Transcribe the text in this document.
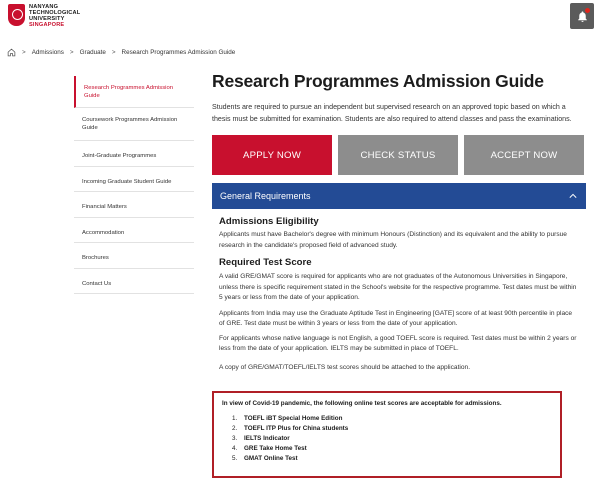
NANYANG
TECHNOLOGICAL
UNIVERSITY
SINGAPORE
> Admissions > Graduate > Research Programmes Admission Guide
Research Programmes Admission Guide
Coursework Programmes Admission Guide
Joint-Graduate Programmes
Incoming Graduate Student Guide
Financial Matters
Accommodation
Brochures
Contact Us
Research Programmes Admission Guide

Students are required to pursue an independent but supervised research on an approved topic based on which a thesis must be submitted for examination. Students are also required to attend classes and pass the examinations.

APPLY NOW	CHECK STATUS	ACCEPT NOW
General Requirements
Admissions Eligibility

Applicants must have Bachelor's degree with minimum Honours (Distinction) and its equivalent and the ability to pursue research in the candidate's proposed field of advanced study.

Required Test Score

A valid GRE/GMAT score is required for applicants who are not graduates of the Autonomous Universities in Singapore, unless there is specific requirement stated in the School's website for the respective programme. Test dates must be within 5 years or less from the date of your application.

Applicants from India may use the Graduate Aptitude Test in Engineering [GATE] score of at least 90th percentile in place of GRE. Test date must be within 3 years or less from the date of your application.

For applicants whose native language is not English, a good TOEFL score is required. Test dates must be within 2 years or less from the date of your application. IELTS may be submitted in place of TOEFL.

A copy of GRE/GMAT/TOEFL/IELTS test scores should be attached to the application.

In view of Covid-19 pandemic, the following online test scores are acceptable for admissions.
1. TOEFL iBT Special Home Edition
2. TOEFL ITP Plus for China students
3. IELTS Indicator
4. GRE Take Home Test
5. GMAT Online Test
